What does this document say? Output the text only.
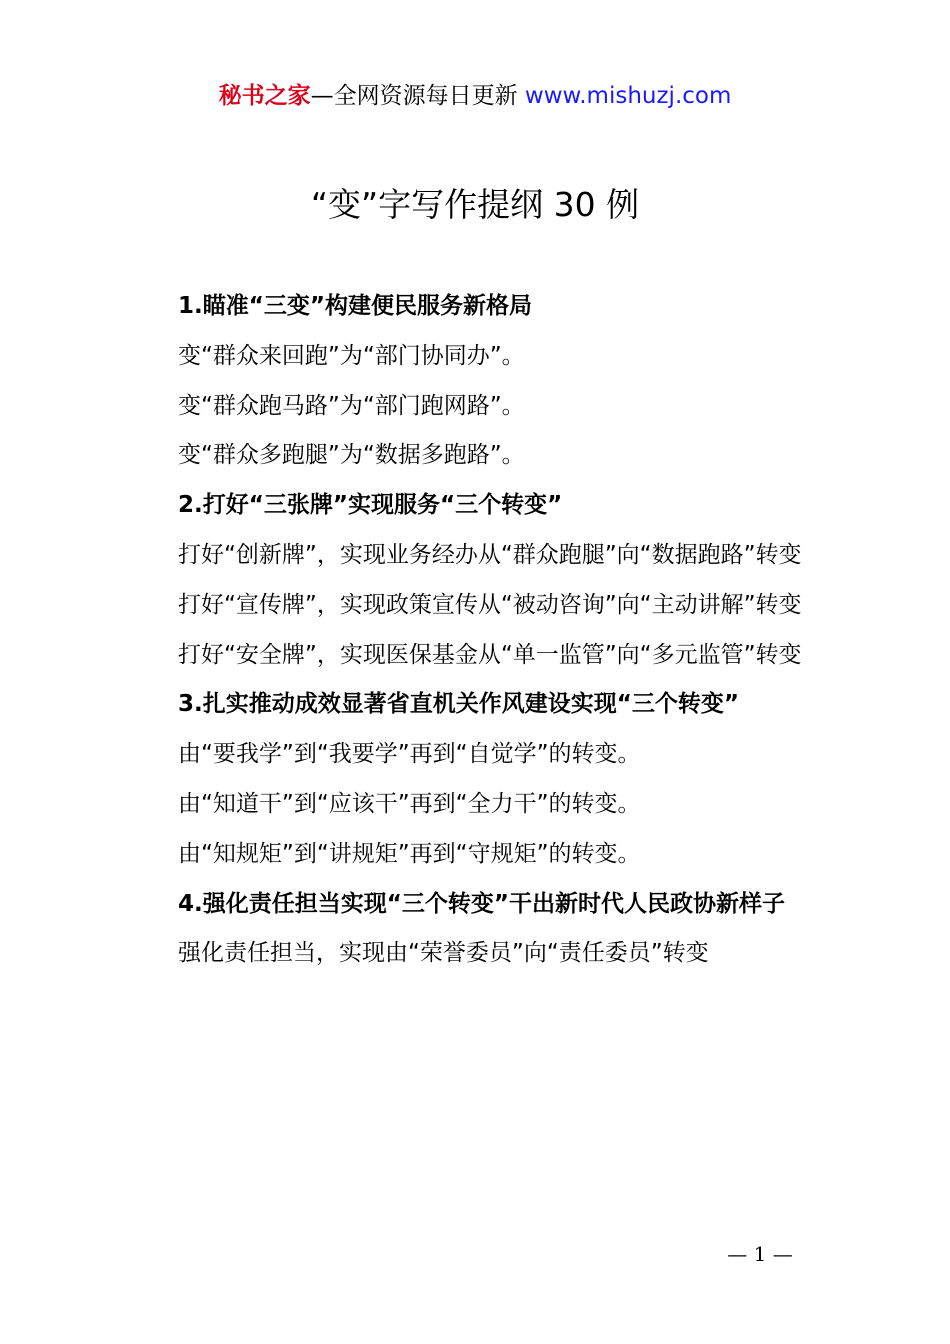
秘书之家—全网资源每日更新 www.mishuzj.com
“变”字写作提纲 30 例

1.瞄准“三变”构建便民服务新格局

变“群众来回跑”为“部门协同办”。

变“群众跑马路”为“部门跑网路”。

变“群众多跑腿”为“数据多跑路”。

2.打好“三张牌”实现服务“三个转变”

打好“创新牌”，实现业务经办从“群众跑腿”向“数据跑路”转变

打好“宣传牌”，实现政策宣传从“被动咨询”向“主动讲解”转变

打好“安全牌”，实现医保基金从“单一监管”向“多元监管”转变

3.扎实推动成效显著省直机关作风建设实现“三个转变”

由“要我学”到“我要学”再到“自觉学”的转变。

由“知道干”到“应该干”再到“全力干”的转变。

由“知规矩”到“讲规矩”再到“守规矩”的转变。

4.强化责任担当实现“三个转变”干出新时代人民政协新样子

强化责任担当，实现由“荣誉委员”向“责任委员”转变

— 1 —
